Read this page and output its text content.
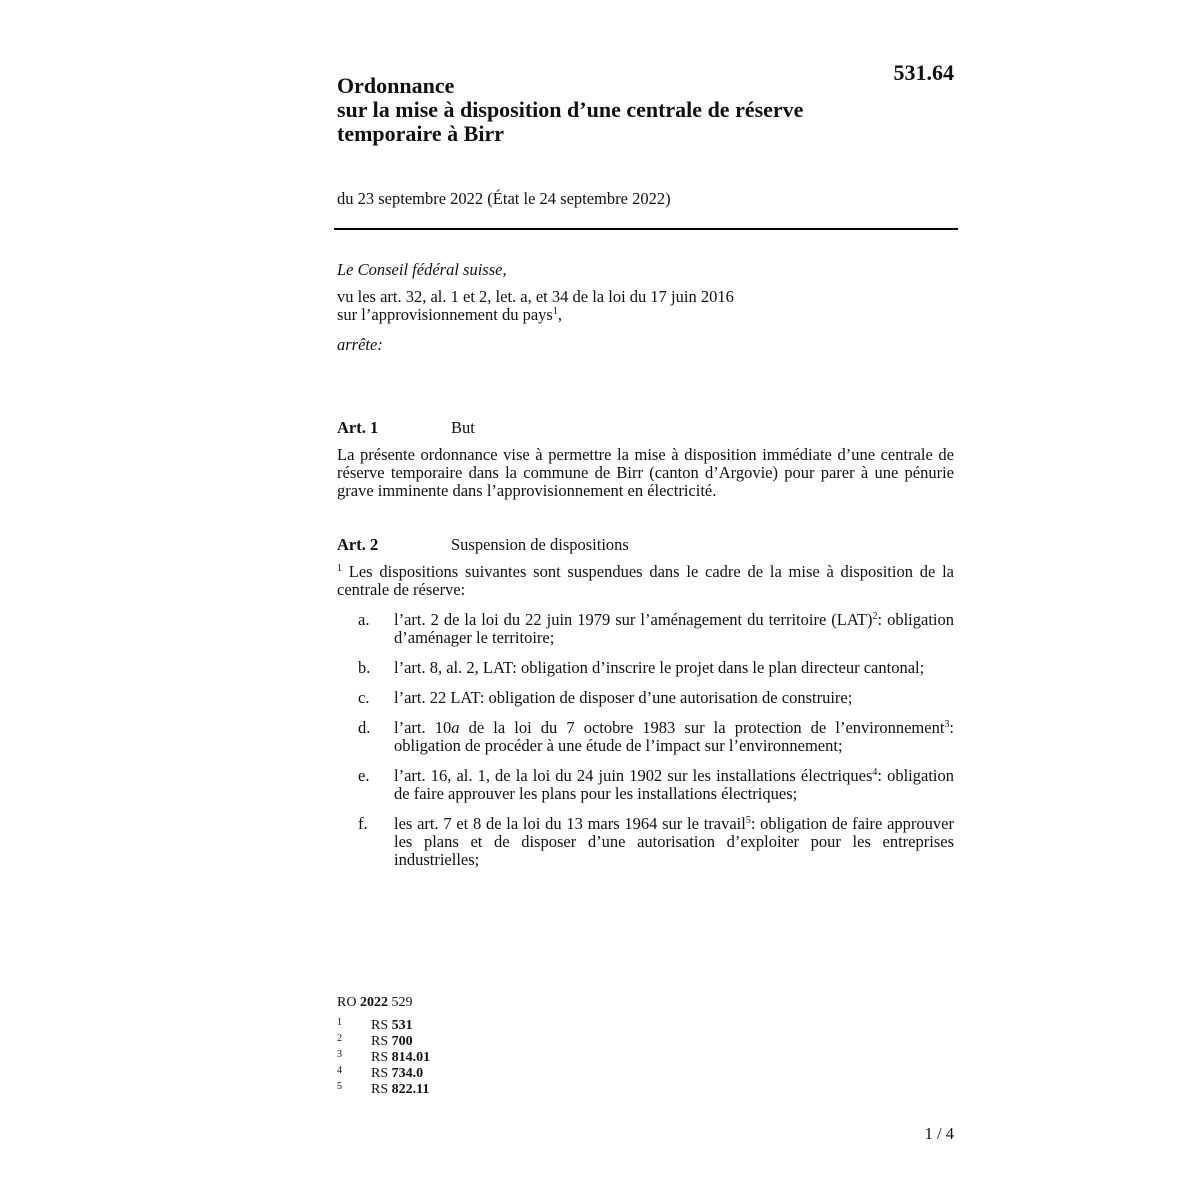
531.64
Ordonnance
sur la mise à disposition d’une centrale de réserve
temporaire à Birr
du 23 septembre 2022 (État le 24 septembre 2022)
Le Conseil fédéral suisse,
vu les art. 32, al. 1 et 2, let. a, et 34 de la loi du 17 juin 2016
sur l’approvisionnement du pays$^1$,
arrête:
Art. 1	But
La présente ordonnance vise à permettre la mise à disposition immédiate d’une centrale de réserve temporaire dans la commune de Birr (canton d’Argovie) pour parer à une pénurie grave imminente dans l’approvisionnement en électricité.
Art. 2	Suspension de dispositions
$^1$ Les dispositions suivantes sont suspendues dans le cadre de la mise à disposition de la centrale de réserve:
a. l’art. 2 de la loi du 22 juin 1979 sur l’aménagement du territoire (LAT)$^2$: obligation d’aménager le territoire;
b. l’art. 8, al. 2, LAT: obligation d’inscrire le projet dans le plan directeur cantonal;
c. l’art. 22 LAT: obligation de disposer d’une autorisation de construire;
d. l’art. 10a de la loi du 7 octobre 1983 sur la protection de l’environnement$^3$: obligation de procéder à une étude de l’impact sur l’environnement;
e. l’art. 16, al. 1, de la loi du 24 juin 1902 sur les installations électriques$^4$: obligation de faire approuver les plans pour les installations électriques;
f. les art. 7 et 8 de la loi du 13 mars 1964 sur le travail$^5$: obligation de faire approuver les plans et de disposer d’une autorisation d’exploiter pour les entreprises industrielles;
RO 2022 529
1 RS 531
2 RS 700
3 RS 814.01
4 RS 734.0
5 RS 822.11
1 / 4
